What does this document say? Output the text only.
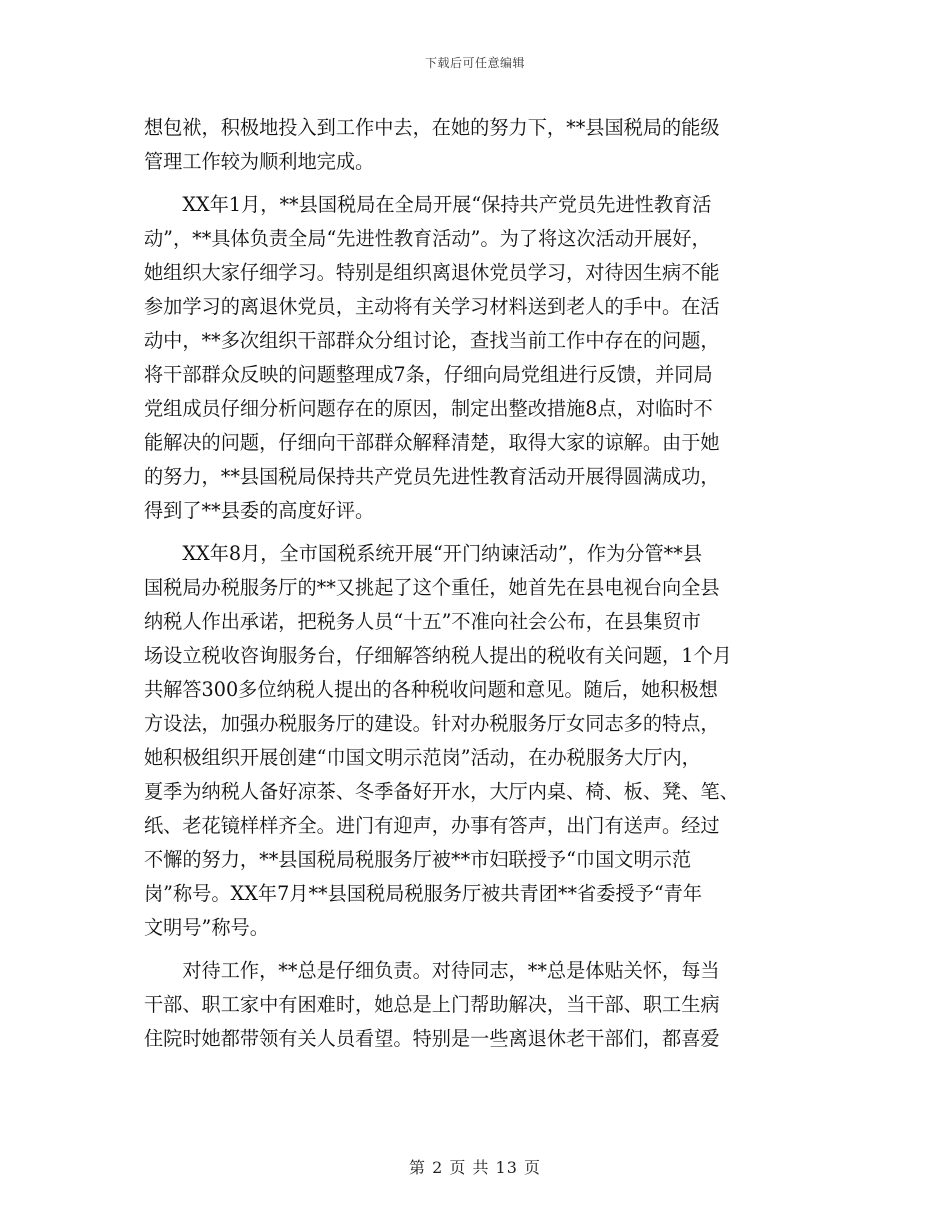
下载后可任意编辑
想包袱，积极地投入到工作中去，在她的努力下，**县国税局的能级
管理工作较为顺利地完成。
　　XX年1月，**县国税局在全局开展“保持共产党员先进性教育活
动”，**具体负责全局“先进性教育活动”。为了将这次活动开展好，
她组织大家仔细学习。特别是组织离退休党员学习，对待因生病不能
参加学习的离退休党员，主动将有关学习材料送到老人的手中。在活
动中，**多次组织干部群众分组讨论，查找当前工作中存在的问题，
将干部群众反映的问题整理成7条，仔细向局党组进行反馈，并同局
党组成员仔细分析问题存在的原因，制定出整改措施8点，对临时不
能解决的问题，仔细向干部群众解释清楚，取得大家的谅解。由于她
的努力，**县国税局保持共产党员先进性教育活动开展得圆满成功，
得到了**县委的高度好评。
　　XX年8月，全市国税系统开展“开门纳谏活动”，作为分管**县
国税局办税服务厅的**又挑起了这个重任，她首先在县电视台向全县
纳税人作出承诺，把税务人员“十五”不准向社会公布，在县集贸市
场设立税收咨询服务台，仔细解答纳税人提出的税收有关问题，1个月
共解答300多位纳税人提出的各种税收问题和意见。随后，她积极想
方设法，加强办税服务厅的建设。针对办税服务厅女同志多的特点，
她积极组织开展创建“巾国文明示范岗”活动，在办税服务大厅内，
夏季为纳税人备好凉茶、冬季备好开水，大厅内桌、椅、板、凳、笔、
纸、老花镜样样齐全。进门有迎声，办事有答声，出门有送声。经过
不懈的努力，**县国税局税服务厅被**市妇联授予“巾国文明示范
岗”称号。XX年7月**县国税局税服务厅被共青团**省委授予“青年
文明号”称号。
　　对待工作，**总是仔细负责。对待同志，**总是体贴关怀，每当
干部、职工家中有困难时，她总是上门帮助解决，当干部、职工生病
住院时她都带领有关人员看望。特别是一些离退休老干部们，都喜爱
第 2 页 共 13 页
